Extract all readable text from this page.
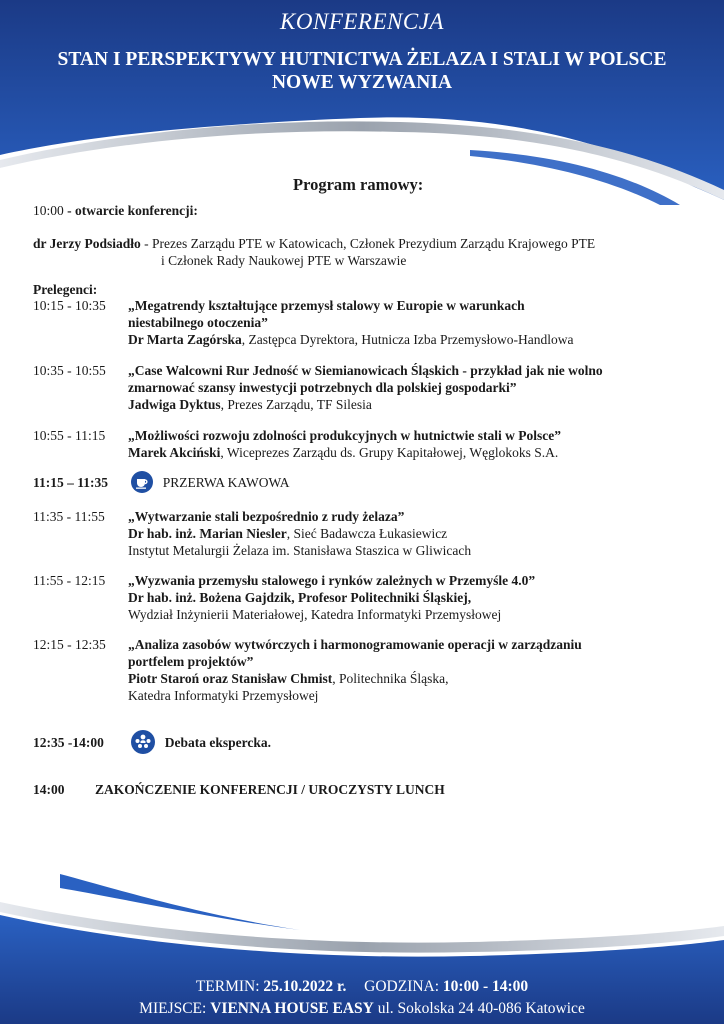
KONFERENCJA
STAN I PERSPEKTYWY HUTNICTWA ŻELAZA I STALI W POLSCE
NOWE WYZWANIA
Program ramowy:
10:00 - otwarcie konferencji:
dr Jerzy Podsiadło - Prezes Zarządu PTE w Katowicach, Członek Prezydium Zarządu Krajowego PTE
i Członek Rady Naukowej PTE w Warszawie
Prelegenci:
10:15 - 10:35	„Megatrendy kształtujące przemysł stalowy w Europie w warunkach
niestabilnego otoczenia”
Dr Marta Zagórska, Zastępca Dyrektora, Hutnicza Izba Przemysłowo-Handlowa
10:35 - 10:55	„Case Walcowni Rur Jedność w Siemianowicach Śląskich - przykład jak nie wolno
zmarnować szansy inwestycji potrzebnych dla polskiej gospodarki”
Jadwiga Dyktus, Prezes Zarządu, TF Silesia
10:55 - 11:15	„Możliwości rozwoju zdolności produkcyjnych w hutnictwie stali w Polsce”
Marek Akciński, Wiceprezes Zarządu ds. Grupy Kapitałowej, Węglokoks S.A.
11:15 – 11:35	PRZERWA KAWOWA
11:35 - 11:55	„Wytwarzanie stali bezpośrednio z rudy żelaza”
Dr hab. inż. Marian Niesler, Sieć Badawcza Łukasiewicz
Instytut Metalurgii Żelaza im. Stanisława Staszica w Gliwicach
11:55 - 12:15	„Wyzwania przemysłu stalowego i rynków zależnych w Przemyśle 4.0”
Dr hab. inż. Bożena Gajdzik, Profesor Politechniki Śląskiej,
Wydział Inżynierii Materiałowej, Katedra Informatyki Przemysłowej
12:15 - 12:35	„Analiza zasobów wytwórczych i harmonogramowanie operacji w zarządzaniu
portfelem projektów”
Piotr Staroń oraz Stanisław Chmist, Politechnika Śląska,
Katedra Informatyki Przemysłowej
12:35 -14:00	Debata ekspercka.
14:00 ZAKOŃCZENIE KONFERENCJI / UROCZYSTY LUNCH
TERMIN: 25.10.2022 r. GODZINA: 10:00 - 14:00
MIEJSCE: VIENNA HOUSE EASY ul. Sokolska 24 40-086 Katowice
